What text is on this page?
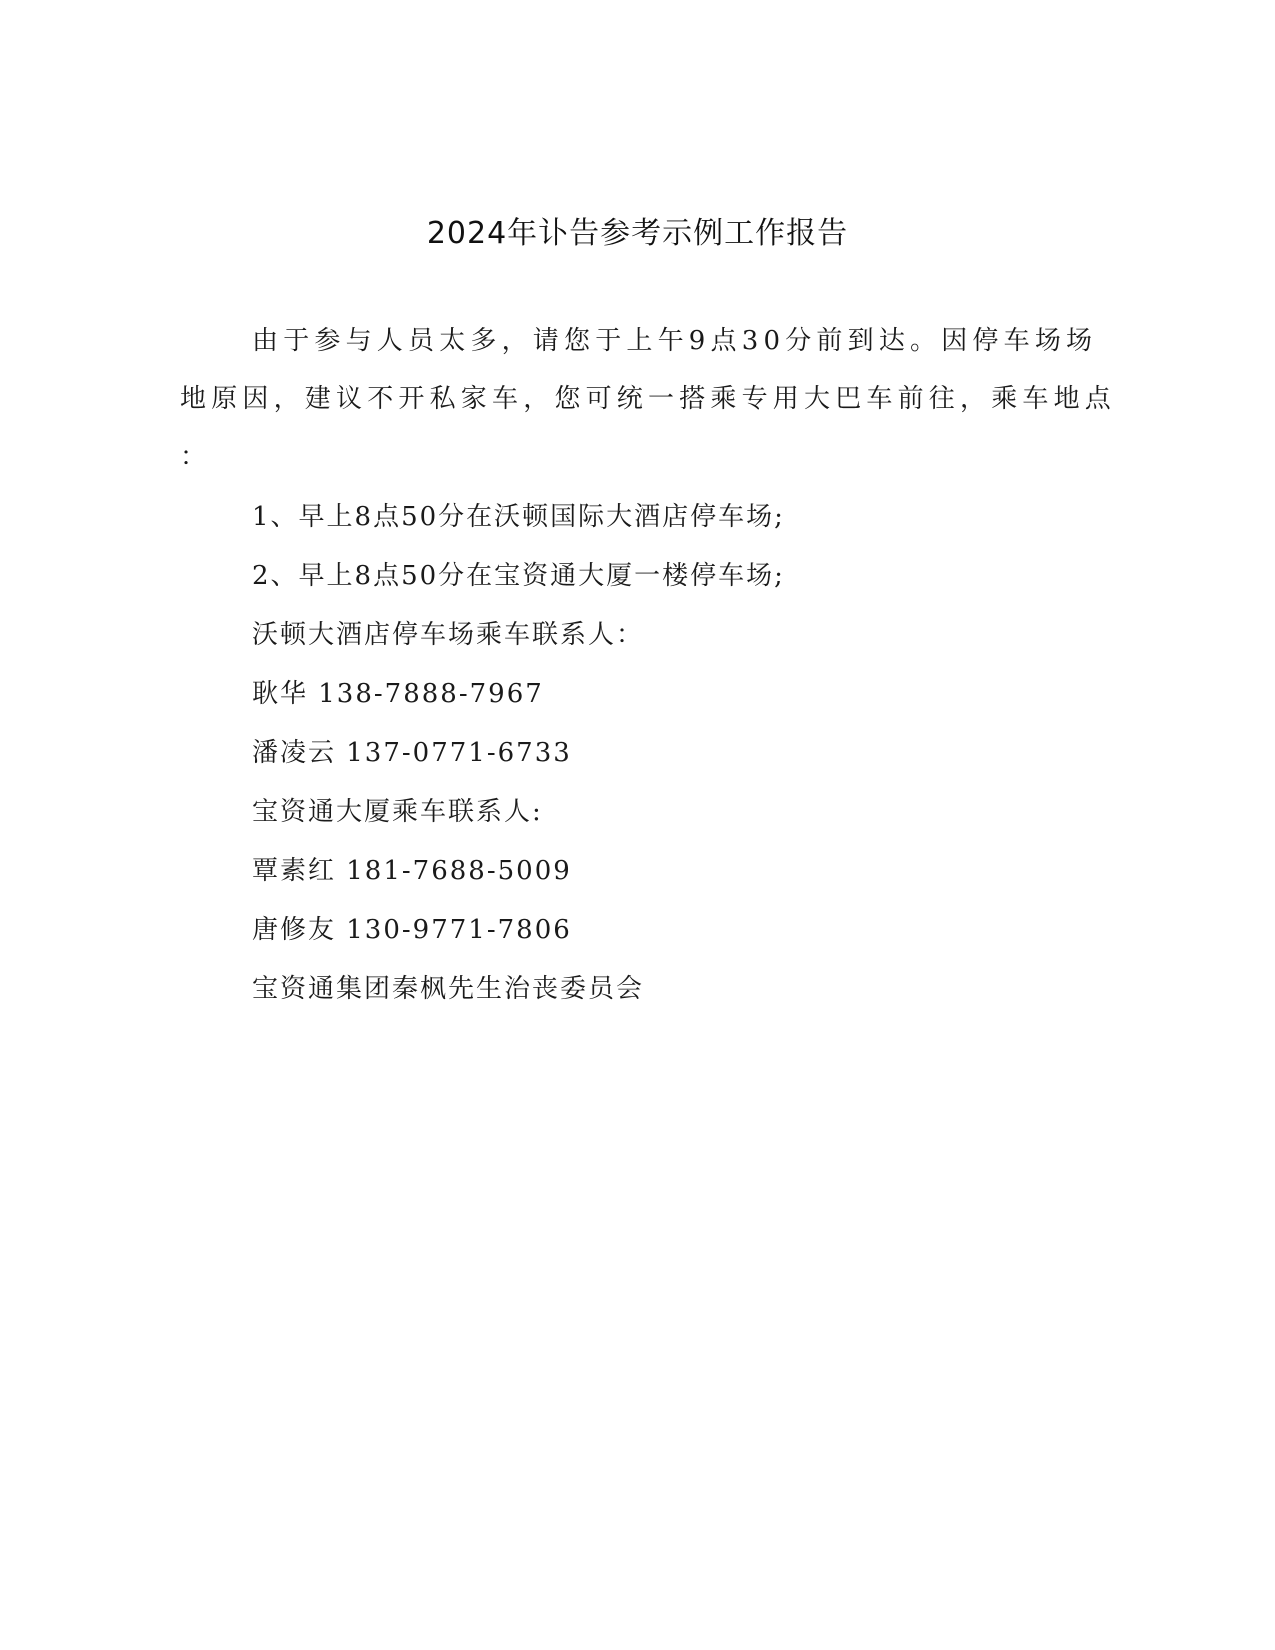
2024年讣告参考示例工作报告
由于参与人员太多，请您于上午9点30分前到达。因停车场场
地原因，建议不开私家车，您可统一搭乘专用大巴车前往，乘车地点
：
1、早上8点50分在沃顿国际大酒店停车场;
2、早上8点50分在宝资通大厦一楼停车场;
沃顿大酒店停车场乘车联系人：
耿华 138-7888-7967
潘凌云 137-0771-6733
宝资通大厦乘车联系人:
覃素红 181-7688-5009
唐修友 130-9771-7806
宝资通集团秦枫先生治丧委员会
